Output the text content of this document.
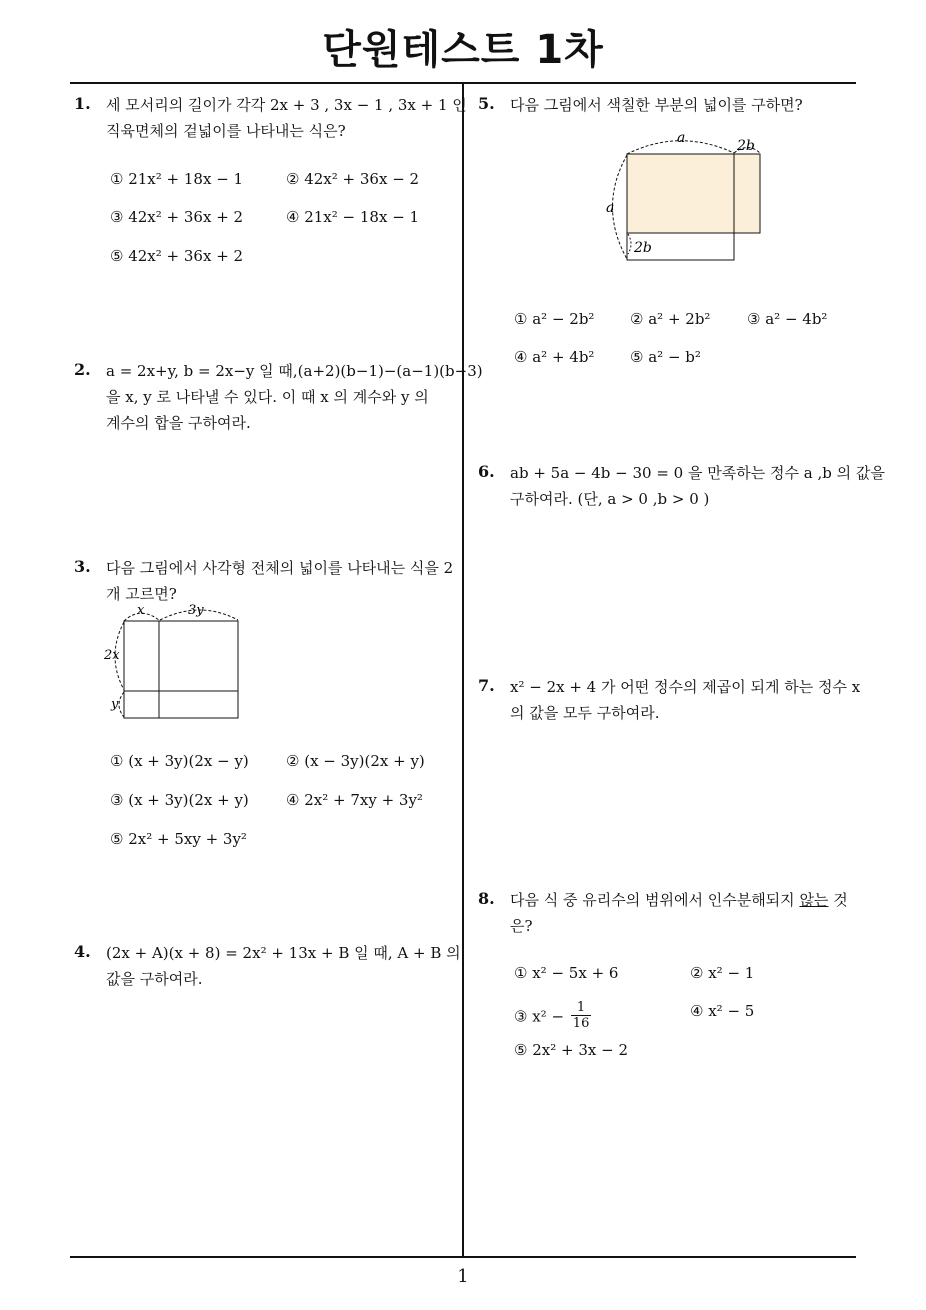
단원테스트 1차
1
1. 세 모서리의 길이가 각각 2x + 3 , 3x − 1 , 3x + 1 인
직육면체의 겉넓이를 나타내는 식은?
① 21x² + 18x − 1	② 42x² + 36x − 2
③ 42x² + 36x + 2	④ 21x² − 18x − 1
⑤ 42x² + 36x + 2
2. a = 2x+y, b = 2x−y 일 때,(a+2)(b−1)−(a−1)(b−3)
을 x, y 로 나타낼 수 있다. 이 때 x 의 계수와 y 의
계수의 합을 구하여라.
3. 다음 그림에서 사각형 전체의 넓이를 나타내는 식을 2
개 고르면?
x	3y
2x
y
① (x + 3y)(2x − y) ② (x − 3y)(2x + y)
③ (x + 3y)(2x + y) ④ 2x² + 7xy + 3y²
⑤ 2x² + 5xy + 3y²
4. (2x + A)(x + 8) = 2x² + 13x + B 일 때, A + B 의
값을 구하여라.
5. 다음 그림에서 색칠한 부분의 넓이를 구하면?
a	2b
a
2b
① a² − 2b² ② a² + 2b² ③ a² − 4b²
④ a² + 4b² ⑤ a² − b²
6. ab + 5a − 4b − 30 = 0 을 만족하는 정수 a ,b 의 값을
구하여라. (단, a > 0 ,b > 0 )
7. x² − 2x + 4 가 어떤 정수의 제곱이 되게 하는 정수 x
의 값을 모두 구하여라.
8. 다음 식 중 유리수의 범위에서 인수분해되지 않는 것
은?
① x² − 5x + 6	② x² − 1
③ $x^2 - \frac{1}{16}$	④ x² − 5
⑤ 2x² + 3x − 2
